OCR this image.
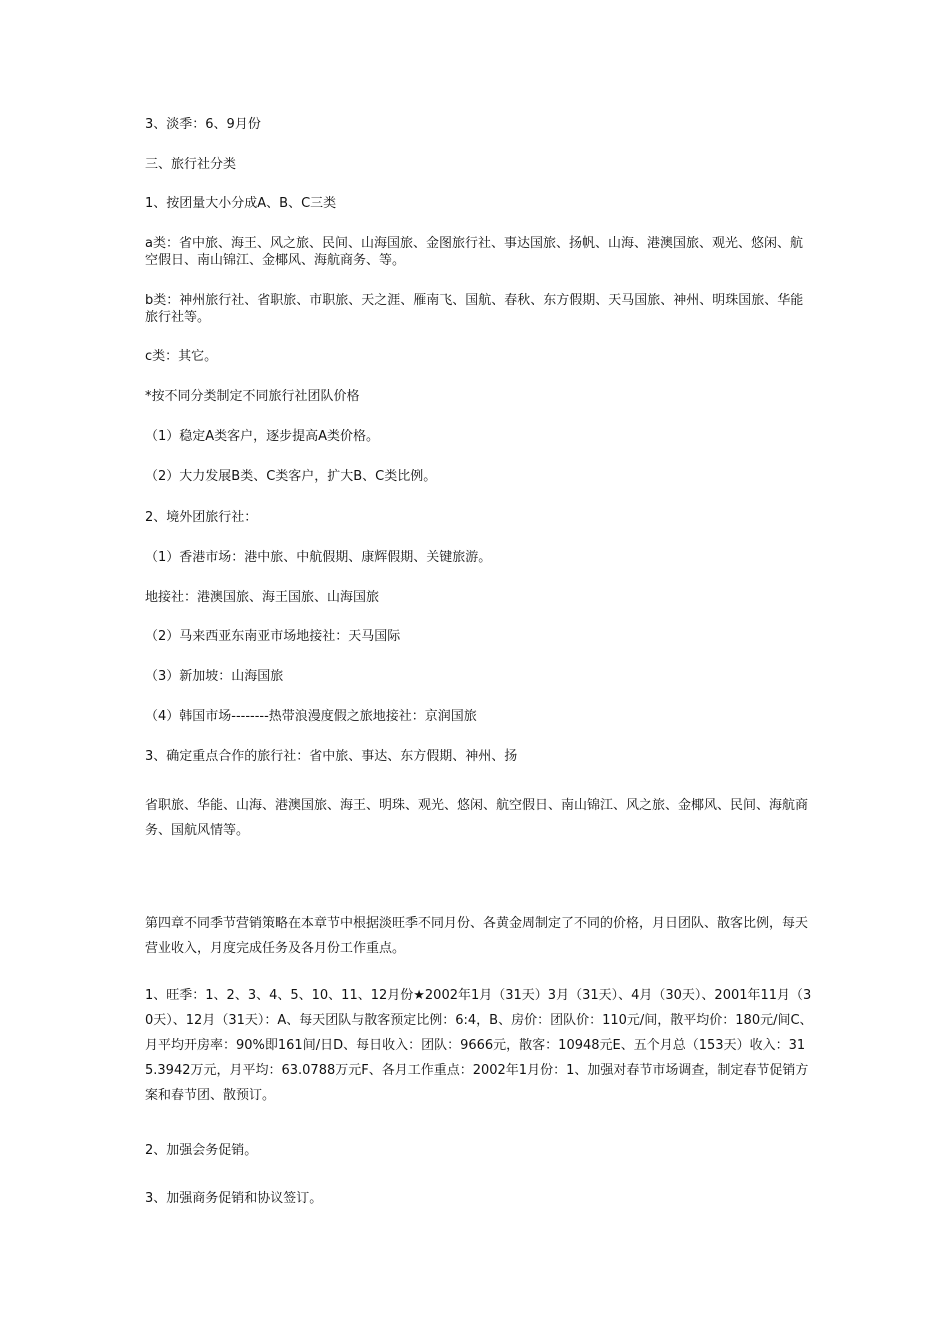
3、淡季：6、9月份

三、旅行社分类

1、按团量大小分成A、B、C三类

a类：省中旅、海王、风之旅、民间、山海国旅、金图旅行社、事达国旅、扬帆、山海、港澳国旅、观光、悠闲、航空假日、南山锦江、金椰风、海航商务、等。

b类：神州旅行社、省职旅、市职旅、天之涯、雁南飞、国航、春秋、东方假期、天马国旅、神州、明珠国旅、华能旅行社等。

c类：其它。

*按不同分类制定不同旅行社团队价格

（1）稳定A类客户，逐步提高A类价格。

（2）大力发展B类、C类客户，扩大B、C类比例。

2、境外团旅行社：

（1）香港市场：港中旅、中航假期、康辉假期、关键旅游。

地接社：港澳国旅、海王国旅、山海国旅

（2）马来西亚东南亚市场地接社：天马国际

（3）新加坡：山海国旅

（4）韩国市场--------热带浪漫度假之旅地接社：京润国旅

3、确定重点合作的旅行社：省中旅、事达、东方假期、神州、扬

省职旅、华能、山海、港澳国旅、海王、明珠、观光、悠闲、航空假日、南山锦江、风之旅、金椰风、民间、海航商务、国航风情等。

第四章不同季节营销策略在本章节中根据淡旺季不同月份、各黄金周制定了不同的价格，月日团队、散客比例，每天营业收入，月度完成任务及各月份工作重点。

1、旺季：1、2、3、4、5、10、11、12月份★2002年1月（31天）3月（31天）、4月（30天）、2001年11月（30天）、12月（31天）：A、每天团队与散客预定比例：6:4，B、房价：团队价：110元/间，散平均价：180元/间C、月平均开房率：90%即161间/日D、每日收入：团队：9666元，散客：10948元E、五个月总（153天）收入：315.3942万元，月平均：63.0788万元F、各月工作重点：2002年1月份：1、加强对春节市场调查，制定春节促销方案和春节团、散预订。

2、加强会务促销。

3、加强商务促销和协议签订。
